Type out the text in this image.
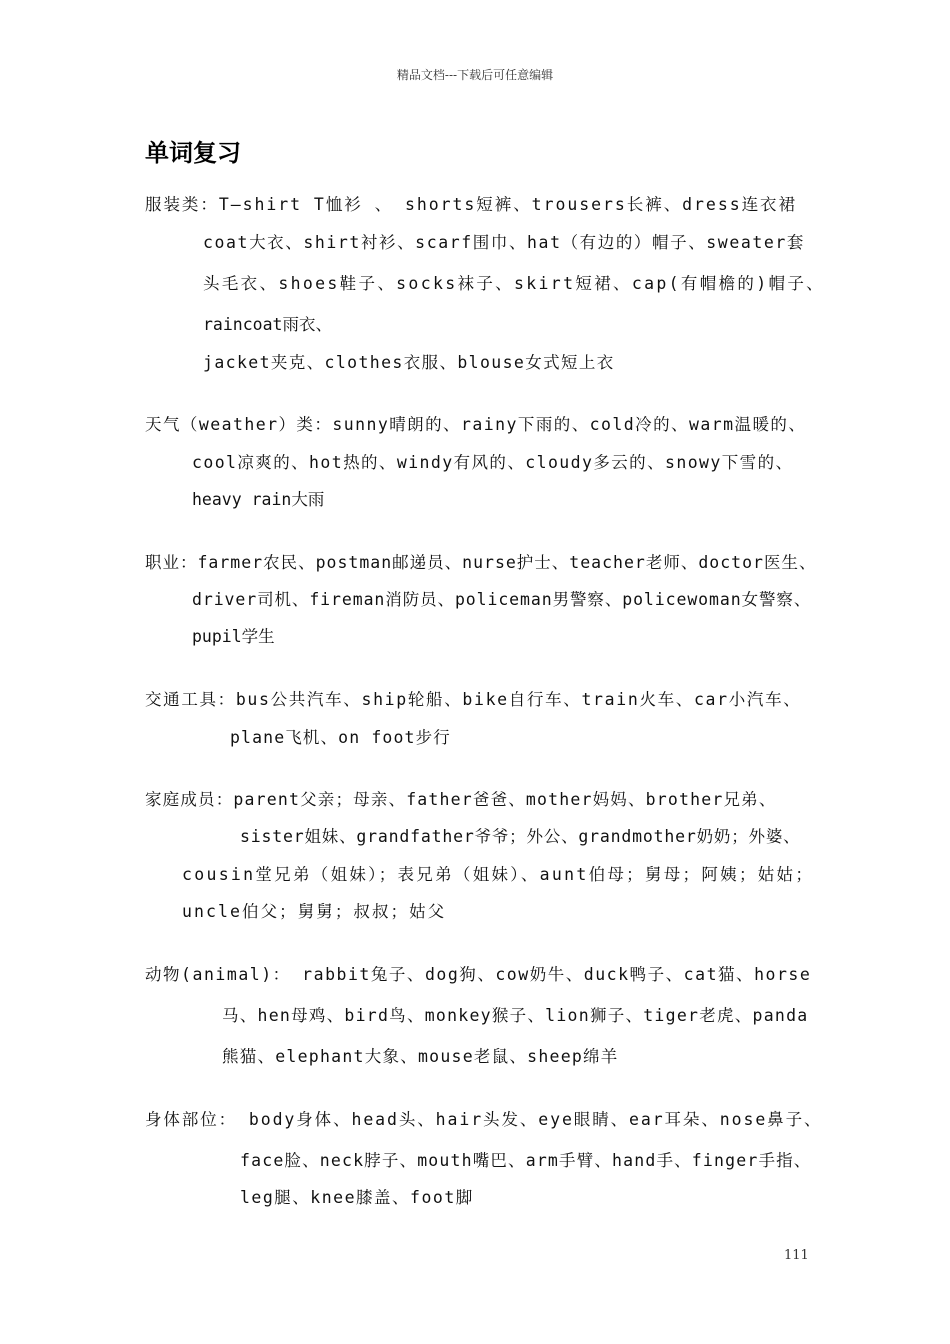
精品文档---下载后可任意编辑
单词复习
服装类：T—shirt T恤衫 、 shorts短裤、trousers长裤、dress连衣裙
coat大衣、shirt衬衫、scarf围巾、hat（有边的）帽子、sweater套
头毛衣、shoes鞋子、socks袜子、skirt短裙、cap(有帽檐的)帽子、
raincoat雨衣、
jacket夹克、clothes衣服、blouse女式短上衣
天气（weather）类：sunny晴朗的、rainy下雨的、cold冷的、warm温暖的、
cool凉爽的、hot热的、windy有风的、cloudy多云的、snowy下雪的、
heavy rain大雨
职业：farmer农民、postman邮递员、nurse护士、teacher老师、doctor医生、
driver司机、fireman消防员、policeman男警察、policewoman女警察、
pupil学生
交通工具：bus公共汽车、ship轮船、bike自行车、train火车、car小汽车、
plane飞机、on foot步行
家庭成员：parent父亲；母亲、father爸爸、mother妈妈、brother兄弟、
sister姐妹、grandfather爷爷；外公、grandmother奶奶；外婆、
cousin堂兄弟（姐妹）；表兄弟（姐妹）、aunt伯母；舅母；阿姨；姑姑；
uncle伯父；舅舅；叔叔；姑父
动物(animal)： rabbit兔子、dog狗、cow奶牛、duck鸭子、cat猫、horse
马、hen母鸡、bird鸟、monkey猴子、lion狮子、tiger老虎、panda
熊猫、elephant大象、mouse老鼠、sheep绵羊
身体部位： body身体、head头、hair头发、eye眼睛、ear耳朵、nose鼻子、
face脸、neck脖子、mouth嘴巴、arm手臂、hand手、finger手指、
leg腿、knee膝盖、foot脚
111
